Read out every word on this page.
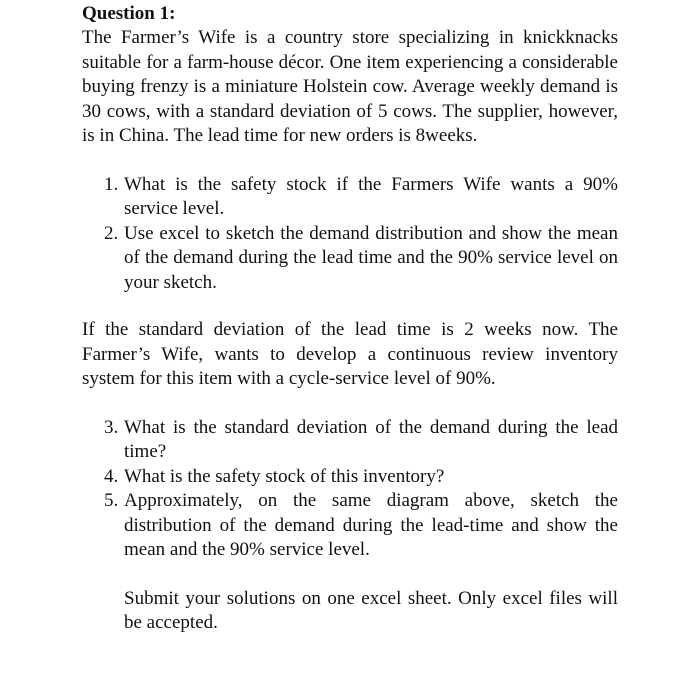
Question 1:

The Farmer’s Wife is a country store specializing in knickknacks suitable for a farm-house décor. One item experiencing a considerable buying frenzy is a miniature Holstein cow. Average weekly demand is 30 cows, with a standard deviation of 5 cows. The supplier, however, is in China. The lead time for new orders is 8weeks.

1. What is the safety stock if the Farmers Wife wants a 90% service level.
2. Use excel to sketch the demand distribution and show the mean of the demand during the lead time and the 90% service level on your sketch.

If the standard deviation of the lead time is 2 weeks now. The Farmer’s Wife, wants to develop a continuous review inventory system for this item with a cycle-service level of 90%.

3. What is the standard deviation of the demand during the lead time?
4. What is the safety stock of this inventory?
5. Approximately, on the same diagram above, sketch the distribution of the demand during the lead-time and show the mean and the 90% service level.

Submit your solutions on one excel sheet. Only excel files will be accepted.
